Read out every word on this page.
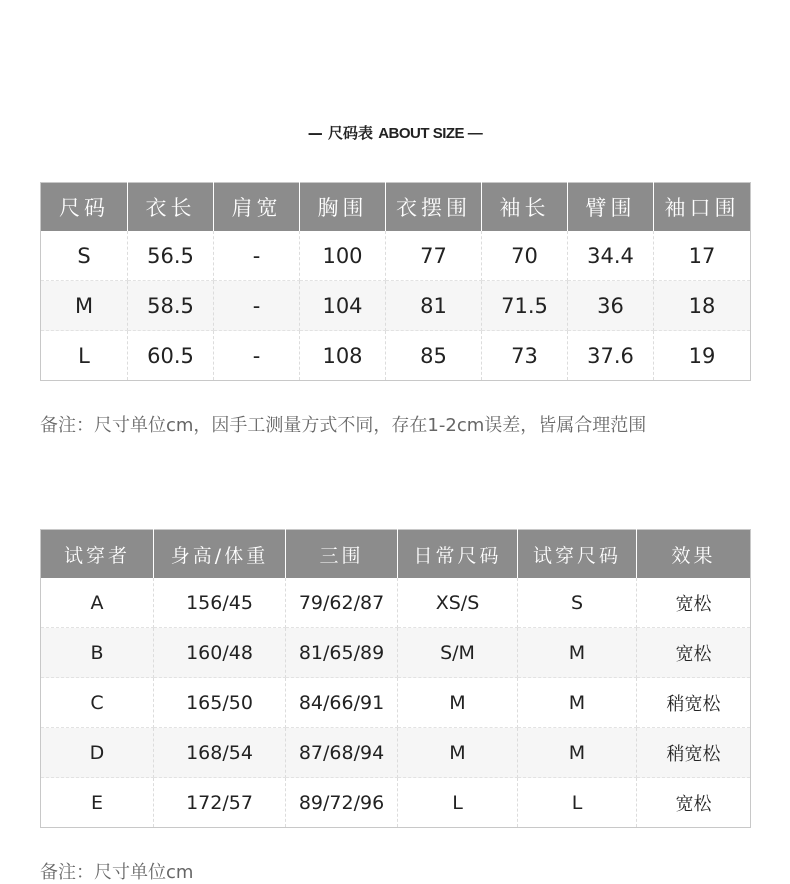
— 尺码表 ABOUT SIZE —
尺码	衣长	肩宽	胸围	衣摆围	袖长	臂围	袖口围
S	56.5	-	100	77	70	34.4	17
M	58.5	-	104	81	71.5	36	18
L	60.5	-	108	85	73	37.6	19
备注：尺寸单位cm，因手工测量方式不同，存在1-2cm误差，皆属合理范围
试穿者	身高/体重	三围	日常尺码	试穿尺码	效果
A	156/45	79/62/87	XS/S	S	宽松
B	160/48	81/65/89	S/M	M	宽松
C	165/50	84/66/91	M	M	稍宽松
D	168/54	87/68/94	M	M	稍宽松
E	172/57	89/72/96	L	L	宽松
备注：尺寸单位cm
